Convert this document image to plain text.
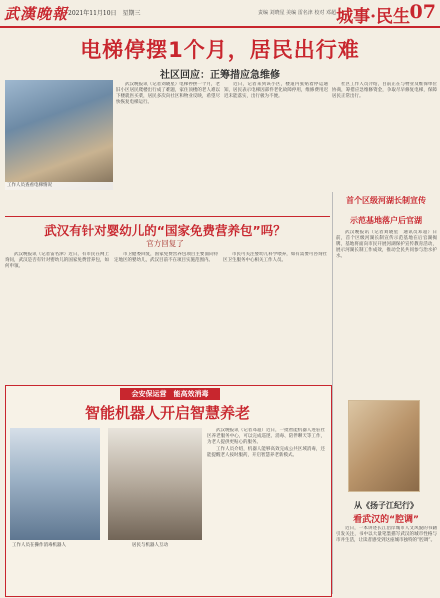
武漢晚報 2021年11月10日　星期三	责编 刘晓星 美编 雷名津 校对 邓超 城事·民生 07
电梯停摆1个月，居民出行难
社区回应：正筹措应急维修

武汉晚报讯（记者刘晓星）电梯停摆一个月，老旧小区居民爬楼出行成了难题，家住顶楼的老人难以下楼就医买菜，居民多次向社区和物业反映，希望尽快恢复电梯运行。

近日，记者来到该小区，楼道内张贴着停运通知，居民表示电梯因部件老化故障停用，维修费用迟迟未能落实，出行极为不便。

社区工作人员介绍，目前正在与物业及维保单位协商，筹措应急维修资金，争取尽早修复电梯，保障居民正常出行。

工作人员查看电梯情况
武汉有针对婴幼儿的“国家免费营养包”吗？
官方回复了

武汉晚报讯（记者雷名津）近日，有市民在网上询问，武汉是否有针对婴幼儿的国家免费营养包，如何申领。

市卫健委回复，国家免费营养包项目主要面向特定地区的婴幼儿，武汉目前不在项目实施范围内。

市民可关注婴幼儿科学喂养，如有需要可咨询社区卫生服务中心相关工作人员。

首个区级河湖长制宣传
示范基地落户后官湖

武汉晚报讯（记者刘晓星　通讯员邓超）日前，首个区级河湖长制宣传示范基地在后官湖揭牌，基地将面向市民开展河湖保护宣传教育活动，展示河湖长制工作成效，推动全民共同参与治水护水。

从《扬子江纪行》
看武汉的“腔调”

近日，一本讲述长江沿岸城市人文风貌的书籍引发关注，书中以大量笔墨描写武汉的城市性格与市井生活，让读者感受到这座城市独特的“腔调”。

会安保运营　能高效消毒
智能机器人开启智慧养老
工作人员在操作消毒机器人	居民与机器人互动

武汉晚报讯（记者邓超）近日，一批智能机器人进驻社区养老服务中心，可以完成巡逻、消毒、陪伴聊天等工作，为老人提供更贴心的服务。

工作人员介绍，机器人能够高效完成公共区域消毒，还能提醒老人按时服药，开启智慧养老新模式。
